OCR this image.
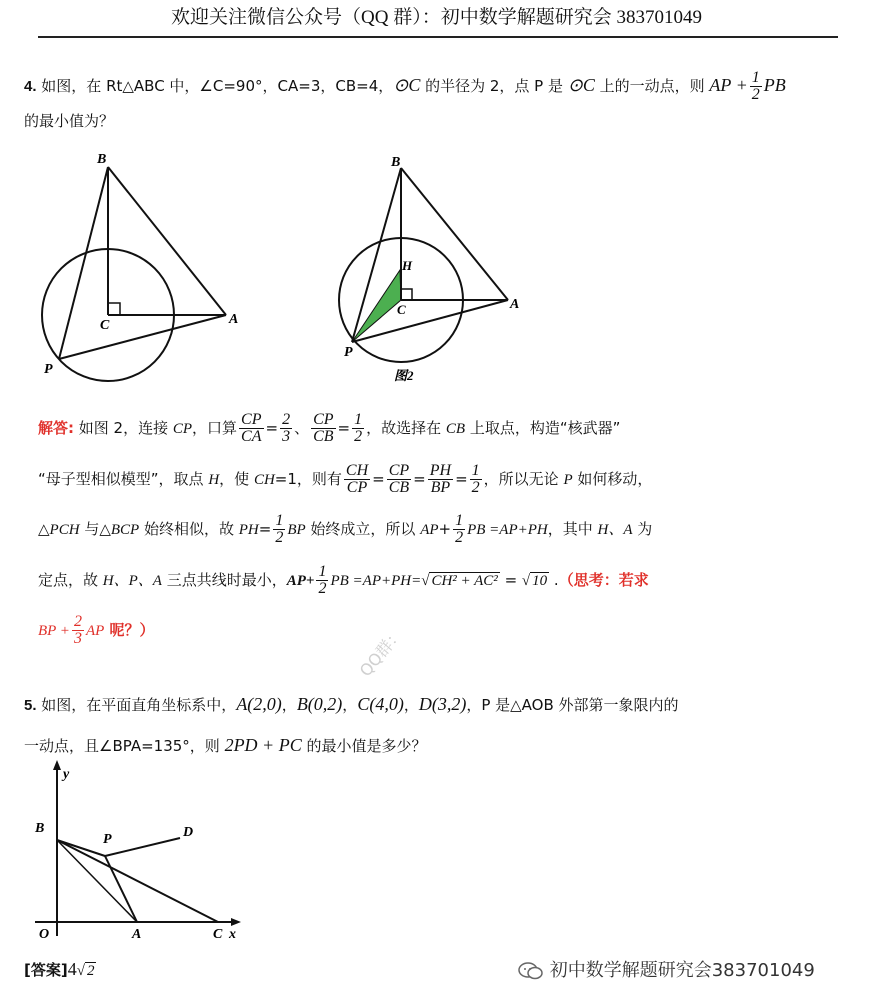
欢迎关注微信公众号（QQ 群）：初中数学解题研究会 383701049
4. 如图，在 Rt△ABC 中，∠C=90°，CA=3，CB=4，⊙C 的半径为 2，点 P 是 ⊙C 上的一动点，则 AP + $\frac{1}{2}$ PB
的最小值为？
B
C	A
P
B
H
C	A
P
图2
解答: 如图 2，连接 CP，口算 $\frac{CP}{CA} = \frac{2}{3}$ 、 $\frac{CP}{CB} = \frac{1}{2}$ ，故选择在 CB 上取点，构造“核武器”
“母子型相似模型”，取点 H，使 CH=1，则有 $\frac{CH}{CP} = \frac{CP}{CB} = \frac{PH}{BP} = \frac{1}{2}$ ，所以无论 P 如何移动，
△PCH 与△BCP 始终相似，故 $PH= \frac{1}{2}$ BP 始终成立，所以 $AP+ \frac{1}{2}$ PB =AP+PH，其中 H、A 为
定点，故 H、P、A 三点共线时最小，$AP+ \frac{1}{2}$ PB =AP+PH=√ CH² + AC² = √ 10 .（思考：若求
BP + $\frac{2}{3}$ AP 呢？）	QQ群：
5. 如图，在平面直角坐标系中，A(2,0)，B(0,2)，C(4,0)，D(3,2)，P 是△AOB 外部第一象限内的
一动点，且∠BPA=135°，则 2PD + PC 的最小值是多少？
y
B
P	D
O	A	C x
[答案]4√ 2	初中数学解题研究会383701049
